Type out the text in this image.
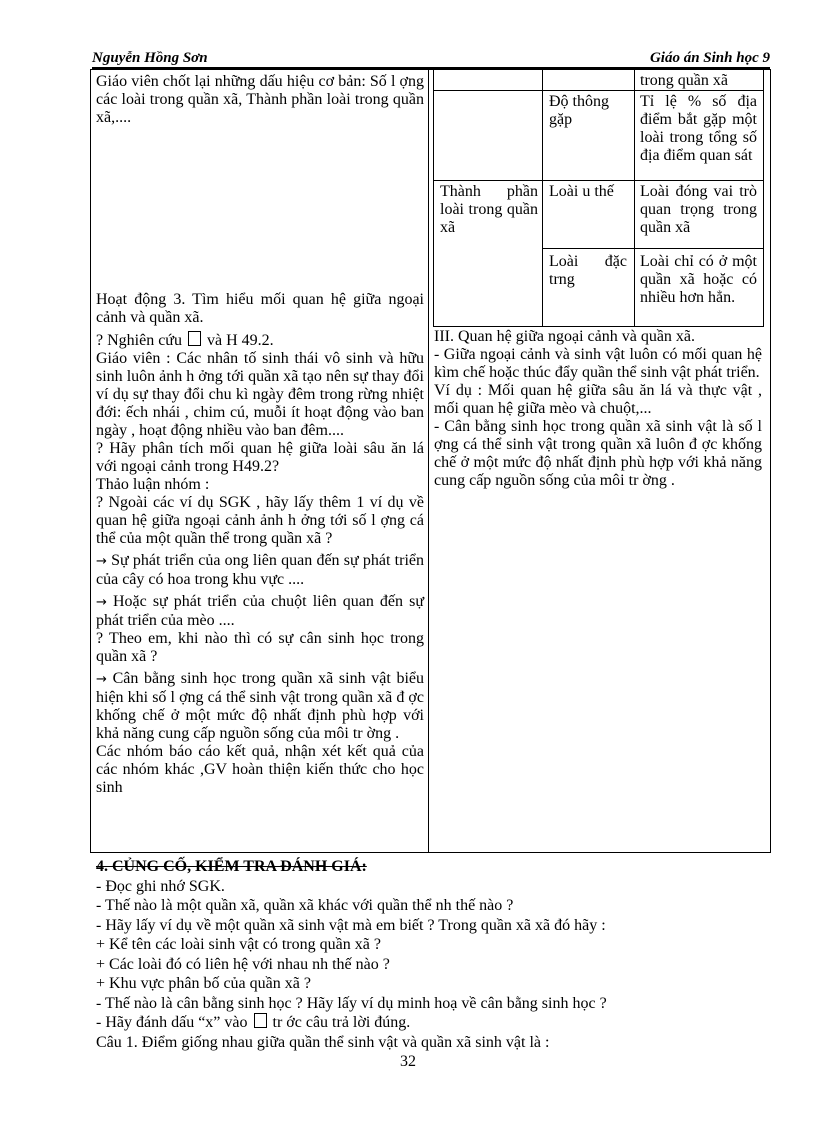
Nguyễn Hồng Sơn	Giáo án Sinh học 9

Giáo viên chốt lại những dấu hiệu cơ bản: Số l ợng các loài trong quần xã, Thành phần loài trong quần xã,....

Hoạt động 3. Tìm hiểu mối quan hệ giữa ngoại cảnh và quần xã.

? Nghiên cứu và H 49.2.

Giáo viên : Các nhân tố sinh thái vô sinh và hữu sinh luôn ảnh h ởng tới quần xã tạo nên sự thay đổi ví dụ sự thay đổi chu kì ngày đêm trong rừng nhiệt đới: ếch nhái , chim cú, muỗi ít hoạt động vào ban ngày , hoạt động nhiều vào ban đêm....

? Hãy phân tích mối quan hệ giữa loài sâu ăn lá với ngoại cảnh trong H49.2?

Thảo luận nhóm :

? Ngoài các ví dụ SGK , hãy lấy thêm 1 ví dụ về quan hệ giữa ngoại cảnh ảnh h ởng tới số l ợng cá thể của một quần thể trong quần xã ?

→ Sự phát triển của ong liên quan đến sự phát triển của cây có hoa trong khu vực ....

→ Hoặc sự phát triển của chuột liên quan đến sự phát triển của mèo ....

? Theo em, khi nào thì có sự cân sinh học trong quần xã ?

→ Cân bằng sinh học trong quần xã sinh vật biểu hiện khi số l ợng cá thể sinh vật trong quần xã đ ợc khống chế ở một mức độ nhất định phù hợp với khả năng cung cấp nguồn sống của môi tr ờng .

Các nhóm báo cáo kết quả, nhận xét kết quả của các nhóm khác ,GV hoàn thiện kiến thức cho học sinh

trong quần xã
Độ thông gặp
Tỉ lệ % số địa điểm bắt gặp một loài trong tổng số địa điểm quan sát
Thành phần loài trong quần xã
Loài u thế Loài đóng vai trò quan trọng trong quần xã
Loài đặc trng
Loài chỉ có ở một quần xã hoặc có nhiều hơn hẳn.

III. Quan hệ giữa ngoại cảnh và quần xã.

- Giữa ngoại cảnh và sinh vật luôn có mối quan hệ kìm chế hoặc thúc đẩy quần thể sinh vật phát triển.

Ví dụ : Mối quan hệ giữa sâu ăn lá và thực vật , mối quan hệ giữa mèo và chuột,...

- Cân bằng sinh học trong quần xã sinh vật là số l ợng cá thể sinh vật trong quần xã luôn đ ợc khống chế ở một mức độ nhất định phù hợp với khả năng cung cấp nguồn sống của môi tr ờng .

4. CỦNG CỐ, KIỂM TRA ĐÁNH GIÁ:

- Đọc ghi nhớ SGK.

- Thế nào là một quần xã, quần xã khác với quần thể nh thế nào ?

- Hãy lấy ví dụ về một quần xã sinh vật mà em biết ? Trong quần xã xã đó hãy :

+ Kể tên các loài sinh vật có trong quần xã ?

+ Các loài đó có liên hệ với nhau nh thế nào ?

+ Khu vực phân bố của quần xã ?

- Thế nào là cân bằng sinh học ? Hãy lấy ví dụ minh hoạ về cân bằng sinh học ?

- Hãy đánh dấu “x” vào tr ớc câu trả lời đúng.

Câu 1. Điểm giống nhau giữa quần thể sinh vật và quần xã sinh vật là :

32
